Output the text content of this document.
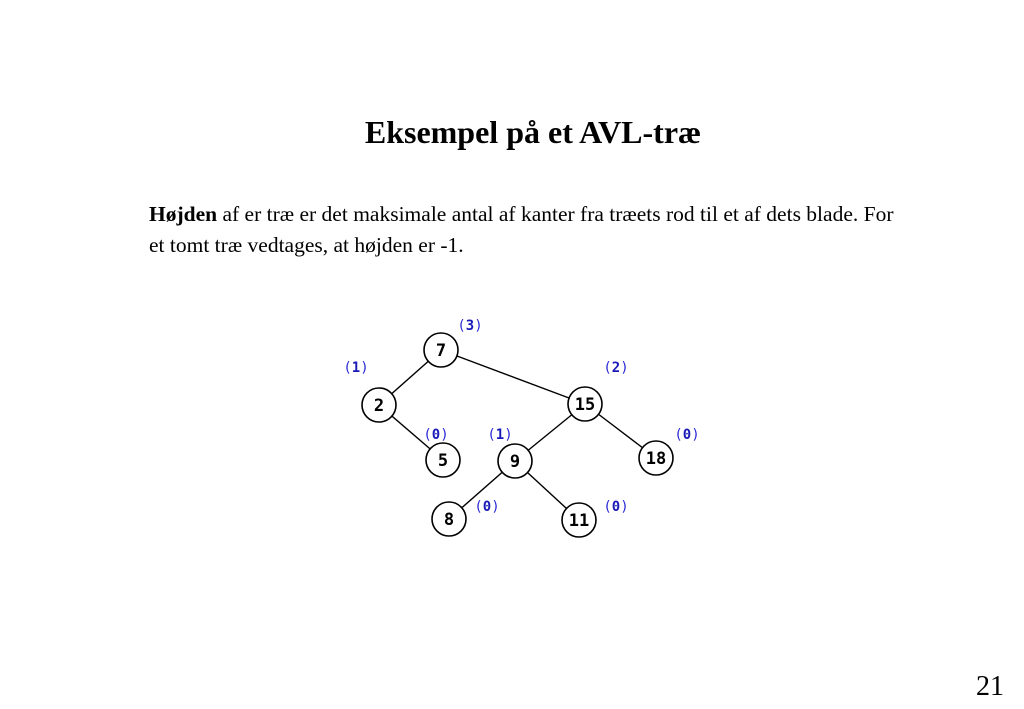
Eksempel på et AVL-træ
Højden af er træ er det maksimale antal af kanter fra træets rod til et af dets blade. For et tomt træ vedtages, at højden er -1.
7
2	15
5	9	18
8	11
(3)
(1)	(2)
(0)	(1)	(0)
(0)	(0)
21
